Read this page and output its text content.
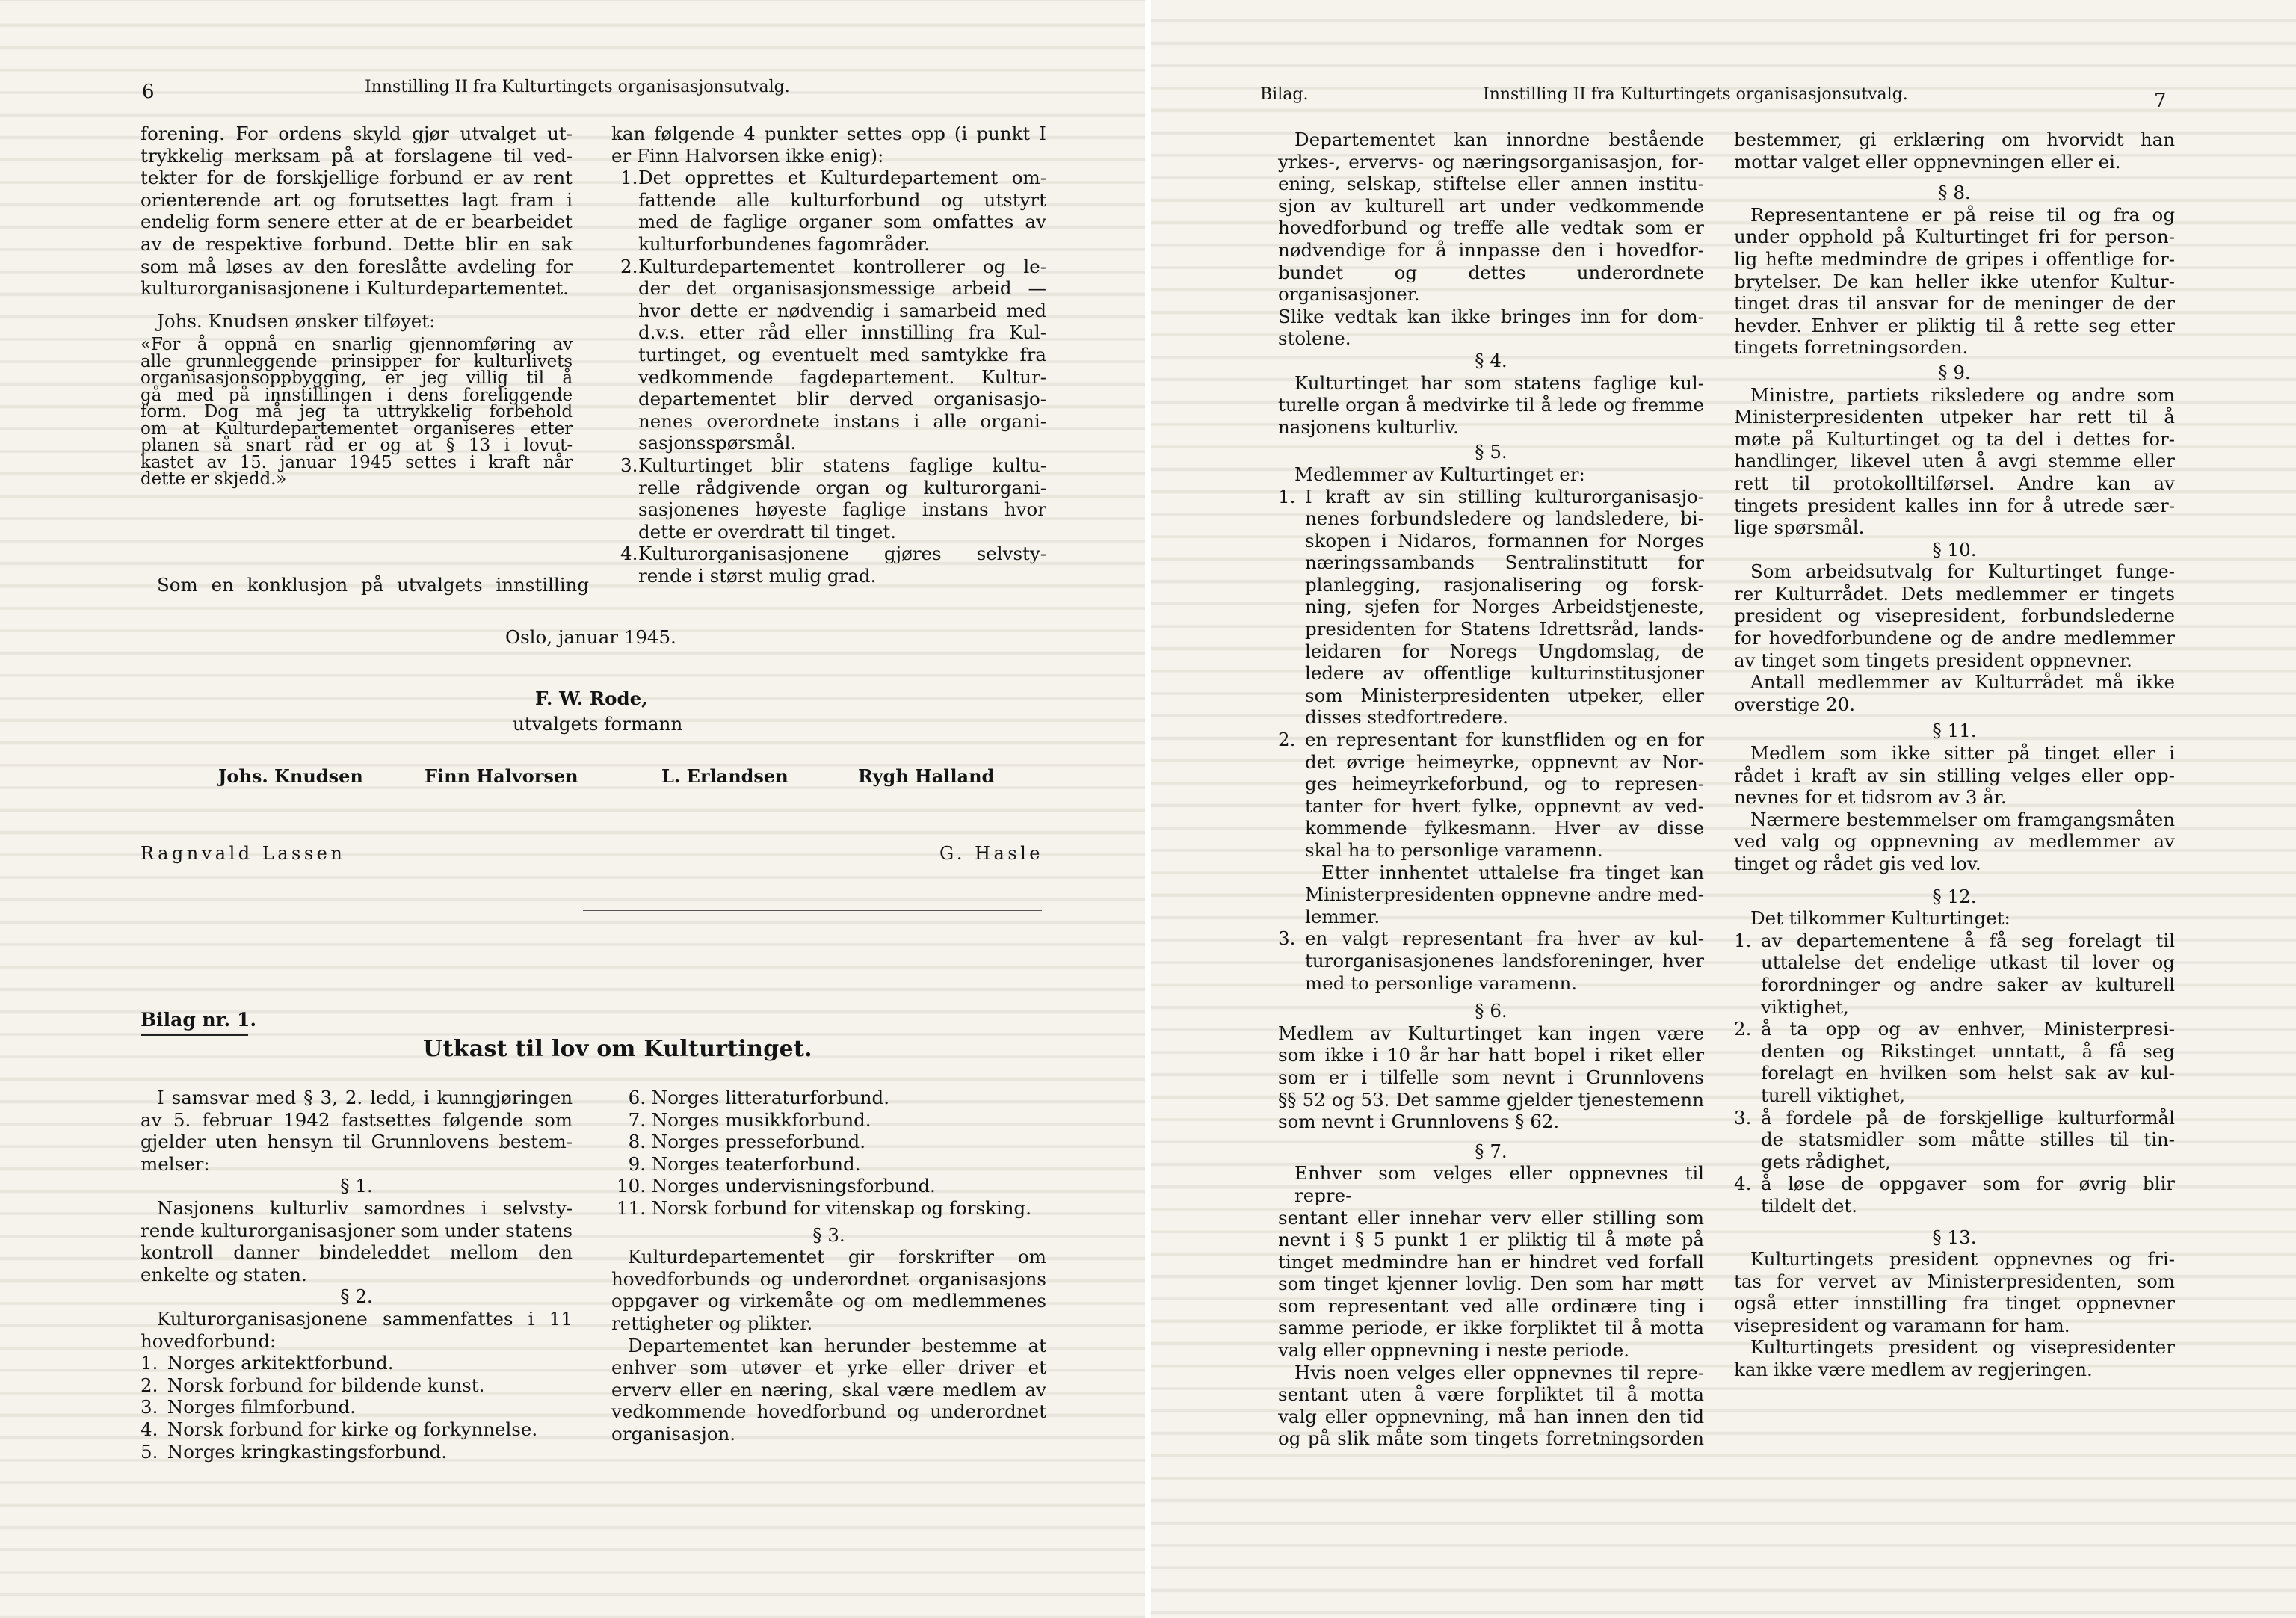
6	Innstilling II fra Kulturtingets organisasjonsutvalg.
forening. For ordens skyld gjør utvalget ut-
trykkelig merksam på at forslagene til ved-
tekter for de forskjellige forbund er av rent
orienterende art og forutsettes lagt fram i
endelig form senere etter at de er bearbeidet
av de respektive forbund. Dette blir en sak
som må løses av den foreslåtte avdeling for
kulturorganisasjonene i Kulturdepartementet.
Johs. Knudsen ønsker tilføyet:
«For å oppnå en snarlig gjennomføring av
alle grunnleggende prinsipper for kulturlivets
organisasjonsoppbygging, er jeg villig til å
gå med på innstillingen i dens foreliggende
form. Dog må jeg ta uttrykkelig forbehold
om at Kulturdepartementet organiseres etter
planen så snart råd er og at § 13 i lovut-
kastet av 15. januar 1945 settes i kraft når
dette er skjedd.»
Som en konklusjon på utvalgets innstilling
kan følgende 4 punkter settes opp (i punkt I
er Finn Halvorsen ikke enig):
1. Det opprettes et Kulturdepartement om-
fattende alle kulturforbund og utstyrt
med de faglige organer som omfattes av
kulturforbundenes fagområder.
2. Kulturdepartementet kontrollerer og le-
der det organisasjonsmessige arbeid —
hvor dette er nødvendig i samarbeid med
d.v.s. etter råd eller innstilling fra Kul-
turtinget, og eventuelt med samtykke fra
vedkommende fagdepartement. Kultur-
departementet blir derved organisasjo-
nenes overordnete instans i alle organi-
sasjonsspørsmål.
3. Kulturtinget blir statens faglige kultu-
relle rådgivende organ og kulturorgani-
sasjonenes høyeste faglige instans hvor
dette er overdratt til tinget.
4. Kulturorganisasjonene gjøres selvsty-
rende i størst mulig grad.
Oslo, januar 1945.
F. W. Rode,
utvalgets formann
Johs. Knudsen	Finn Halvorsen	L. Erlandsen	Rygh Halland
Ragnvald Lassen	G. Hasle
Bilag nr. 1.
Utkast til lov om Kulturtinget.
I samsvar med § 3, 2. ledd, i kunngjøringen
av 5. februar 1942 fastsettes følgende som
gjelder uten hensyn til Grunnlovens bestem-
melser:
§ 1.
Nasjonens kulturliv samordnes i selvsty-
rende kulturorganisasjoner som under statens
kontroll danner bindeleddet mellom den
enkelte og staten.
§ 2.
Kulturorganisasjonene sammenfattes i 11
hovedforbund:
1. Norges arkitektforbund.
2. Norsk forbund for bildende kunst.
3. Norges filmforbund.
4. Norsk forbund for kirke og forkynnelse.
5. Norges kringkastingsforbund.
6. Norges litteraturforbund.
7. Norges musikkforbund.
8. Norges presseforbund.
9. Norges teaterforbund.
10. Norges undervisningsforbund.
11. Norsk forbund for vitenskap og forsking.
§ 3.
Kulturdepartementet gir forskrifter om
hovedforbunds og underordnet organisasjons
oppgaver og virkemåte og om medlemmenes
rettigheter og plikter.
Departementet kan herunder bestemme at
enhver som utøver et yrke eller driver et
erverv eller en næring, skal være medlem av
vedkommende hovedforbund og underordnet
organisasjon.
Bilag.	Innstilling II fra Kulturtingets organisasjonsutvalg.	7
Departementet kan innordne bestående
yrkes-, ervervs- og næringsorganisasjon, for-
ening, selskap, stiftelse eller annen institu-
sjon av kulturell art under vedkommende
hovedforbund og treffe alle vedtak som er
nødvendige for å innpasse den i hovedfor-
bundet og dettes underordnete organisasjoner.
Slike vedtak kan ikke bringes inn for dom-
stolene.
§ 4.
Kulturtinget har som statens faglige kul-
turelle organ å medvirke til å lede og fremme
nasjonens kulturliv.
§ 5.
Medlemmer av Kulturtinget er:
1. I kraft av sin stilling kulturorganisasjo-
nenes forbundsledere og landsledere, bi-
skopen i Nidaros, formannen for Norges
næringssambands Sentralinstitutt for
planlegging, rasjonalisering og forsk-
ning, sjefen for Norges Arbeidstjeneste,
presidenten for Statens Idrettsråd, lands-
leidaren for Noregs Ungdomslag, de
ledere av offentlige kulturinstitusjoner
som Ministerpresidenten utpeker, eller
disses stedfortredere.
2. en representant for kunstfliden og en for
det øvrige heimeyrke, oppnevnt av Nor-
ges heimeyrkeforbund, og to represen-
tanter for hvert fylke, oppnevnt av ved-
kommende fylkesmann. Hver av disse
skal ha to personlige varamenn.
Etter innhentet uttalelse fra tinget kan
Ministerpresidenten oppnevne andre med-
lemmer.
3. en valgt representant fra hver av kul-
turorganisasjonenes landsforeninger, hver
med to personlige varamenn.
§ 6.
Medlem av Kulturtinget kan ingen være
som ikke i 10 år har hatt bopel i riket eller
som er i tilfelle som nevnt i Grunnlovens
§§ 52 og 53. Det samme gjelder tjenestemenn
som nevnt i Grunnlovens § 62.
§ 7.
Enhver som velges eller oppnevnes til repre-
sentant eller innehar verv eller stilling som
nevnt i § 5 punkt 1 er pliktig til å møte på
tinget medmindre han er hindret ved forfall
som tinget kjenner lovlig. Den som har møtt
som representant ved alle ordinære ting i
samme periode, er ikke forpliktet til å motta
valg eller oppnevning i neste periode.
Hvis noen velges eller oppnevnes til repre-
sentant uten å være forpliktet til å motta
valg eller oppnevning, må han innen den tid
og på slik måte som tingets forretningsorden
bestemmer, gi erklæring om hvorvidt han
mottar valget eller oppnevningen eller ei.
§ 8.
Representantene er på reise til og fra og
under opphold på Kulturtinget fri for person-
lig hefte medmindre de gripes i offentlige for-
brytelser. De kan heller ikke utenfor Kultur-
tinget dras til ansvar for de meninger de der
hevder. Enhver er pliktig til å rette seg etter
tingets forretningsorden.
§ 9.
Ministre, partiets riksledere og andre som
Ministerpresidenten utpeker har rett til å
møte på Kulturtinget og ta del i dettes for-
handlinger, likevel uten å avgi stemme eller
rett til protokolltilførsel. Andre kan av
tingets president kalles inn for å utrede sær-
lige spørsmål.
§ 10.
Som arbeidsutvalg for Kulturtinget funge-
rer Kulturrådet. Dets medlemmer er tingets
president og visepresident, forbundslederne
for hovedforbundene og de andre medlemmer
av tinget som tingets president oppnevner.
Antall medlemmer av Kulturrådet må ikke
overstige 20.
§ 11.
Medlem som ikke sitter på tinget eller i
rådet i kraft av sin stilling velges eller opp-
nevnes for et tidsrom av 3 år.
Nærmere bestemmelser om framgangsmåten
ved valg og oppnevning av medlemmer av
tinget og rådet gis ved lov.
§ 12.
Det tilkommer Kulturtinget:
1. av departementene å få seg forelagt til
uttalelse det endelige utkast til lover og
forordninger og andre saker av kulturell
viktighet,
2. å ta opp og av enhver, Ministerpresi-
denten og Rikstinget unntatt, å få seg
forelagt en hvilken som helst sak av kul-
turell viktighet,
3. å fordele på de forskjellige kulturformål
de statsmidler som måtte stilles til tin-
gets rådighet,
4. å løse de oppgaver som for øvrig blir
tildelt det.
§ 13.
Kulturtingets president oppnevnes og fri-
tas for vervet av Ministerpresidenten, som
også etter innstilling fra tinget oppnevner
visepresident og varamann for ham.
Kulturtingets president og visepresidenter
kan ikke være medlem av regjeringen.
